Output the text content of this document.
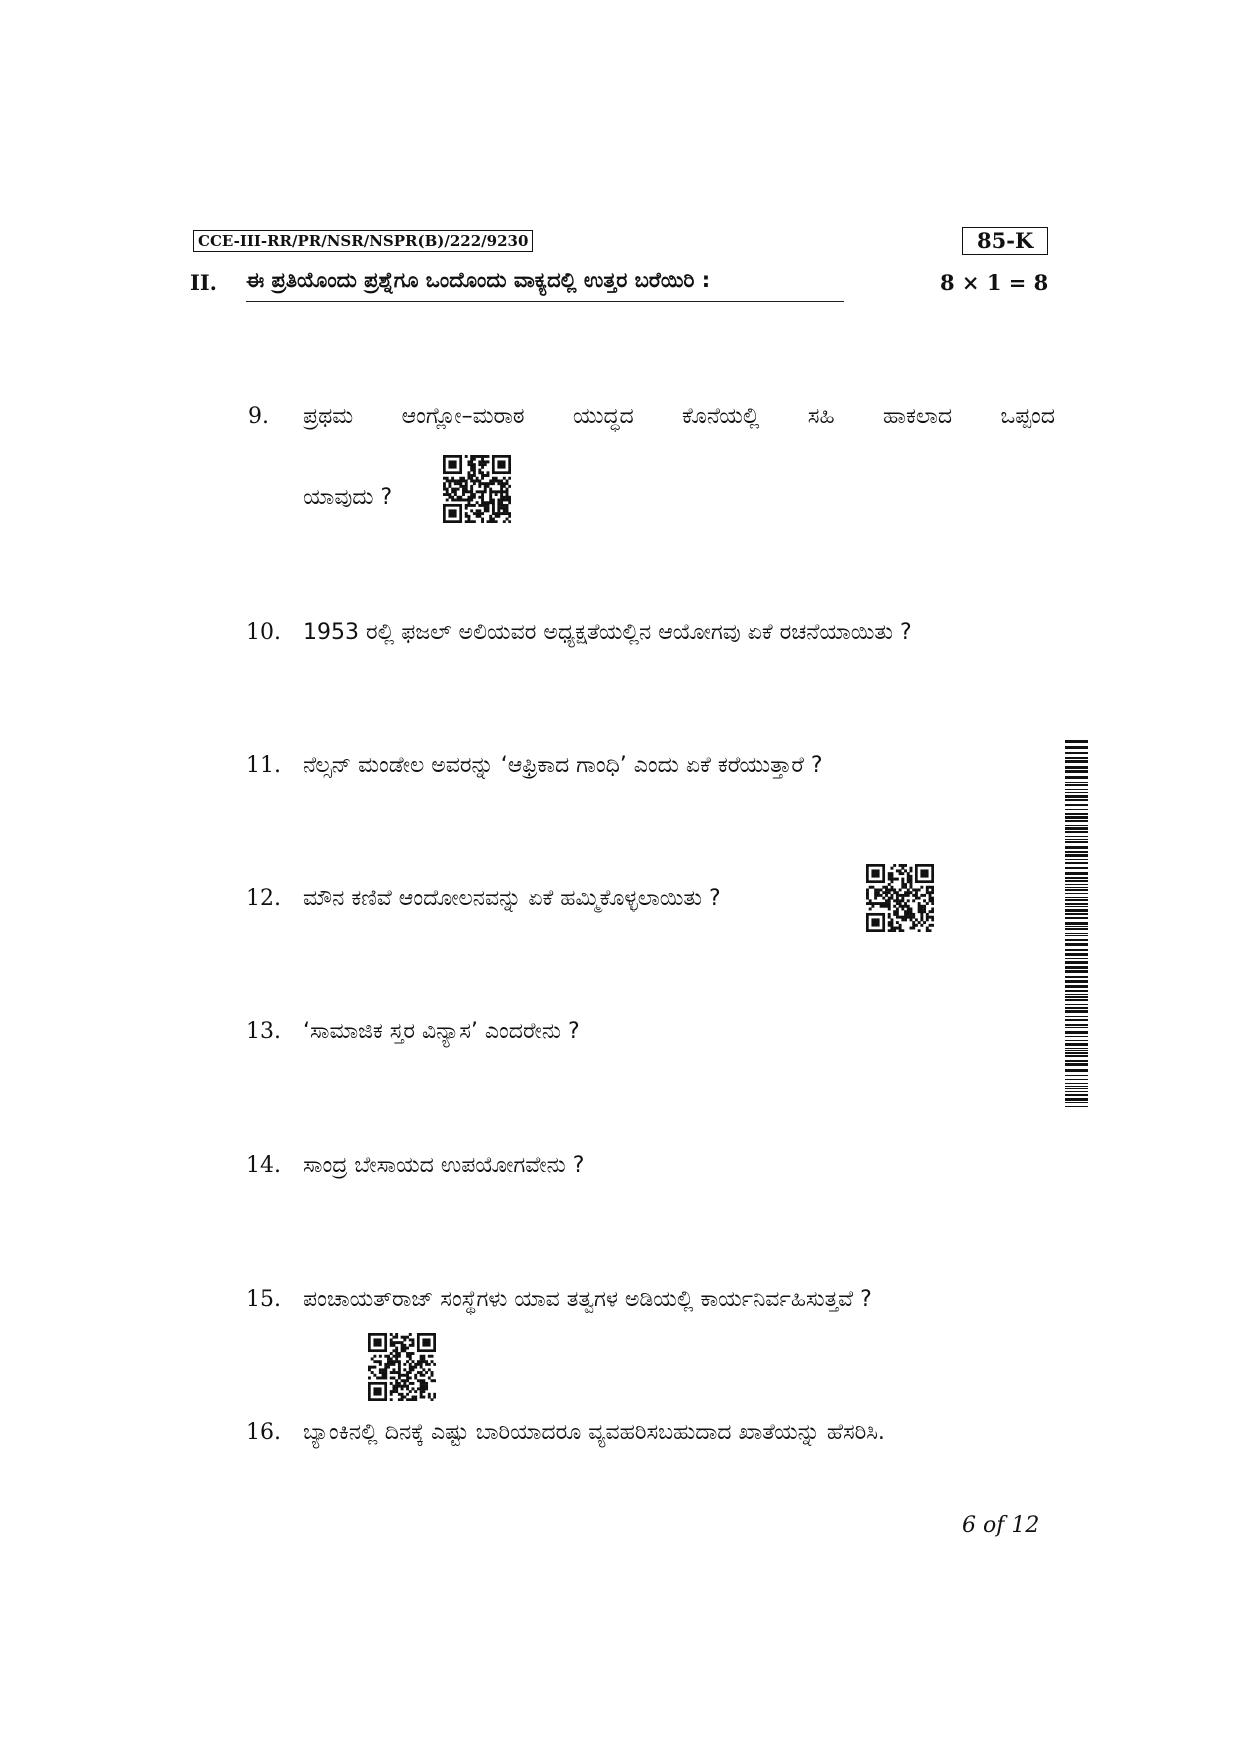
CCE-III-RR/PR/NSR/NSPR(B)/222/9230	85-K
II. ಈ ಪ್ರತಿಯೊಂದು ಪ್ರಶ್ನೆಗೂ ಒಂದೊಂದು ವಾಕ್ಯದಲ್ಲಿ ಉತ್ತರ ಬರೆಯಿರಿ :	8 × 1 = 8
9. ಪ್ರಥಮ ಆಂಗ್ಲೋ–ಮರಾಠ ಯುದ್ಧದ ಕೊನೆಯಲ್ಲಿ ಸಹಿ ಹಾಕಲಾದ ಒಪ್ಪಂದ
ಯಾವುದು ?
10. 1953 ರಲ್ಲಿ ಫಜಲ್ ಅಲಿಯವರ ಅಧ್ಯಕ್ಷತೆಯಲ್ಲಿನ ಆಯೋಗವು ಏಕೆ ರಚನೆಯಾಯಿತು ?
11. ನೆಲ್ಸನ್ ಮಂಡೇಲ ಅವರನ್ನು ‘ಆಫ್ರಿಕಾದ ಗಾಂಧಿ’ ಎಂದು ಏಕೆ ಕರೆಯುತ್ತಾರೆ ?
12. ಮೌನ ಕಣಿವೆ ಆಂದೋಲನವನ್ನು ಏಕೆ ಹಮ್ಮಿಕೊಳ್ಳಲಾಯಿತು ?
13. ‘ಸಾಮಾಜಿಕ ಸ್ತರ ವಿನ್ಯಾಸ’ ಎಂದರೇನು ?
14. ಸಾಂದ್ರ ಬೇಸಾಯದ ಉಪಯೋಗವೇನು ?
15. ಪಂಚಾಯತ್‌ರಾಜ್ ಸಂಸ್ಥೆಗಳು ಯಾವ ತತ್ವಗಳ ಅಡಿಯಲ್ಲಿ ಕಾರ್ಯನಿರ್ವಹಿಸುತ್ತವೆ ?
16. ಬ್ಯಾಂಕಿನಲ್ಲಿ ದಿನಕ್ಕೆ ಎಷ್ಟು ಬಾರಿಯಾದರೂ ವ್ಯವಹರಿಸಬಹುದಾದ ಖಾತೆಯನ್ನು ಹೆಸರಿಸಿ.
6 of 12
